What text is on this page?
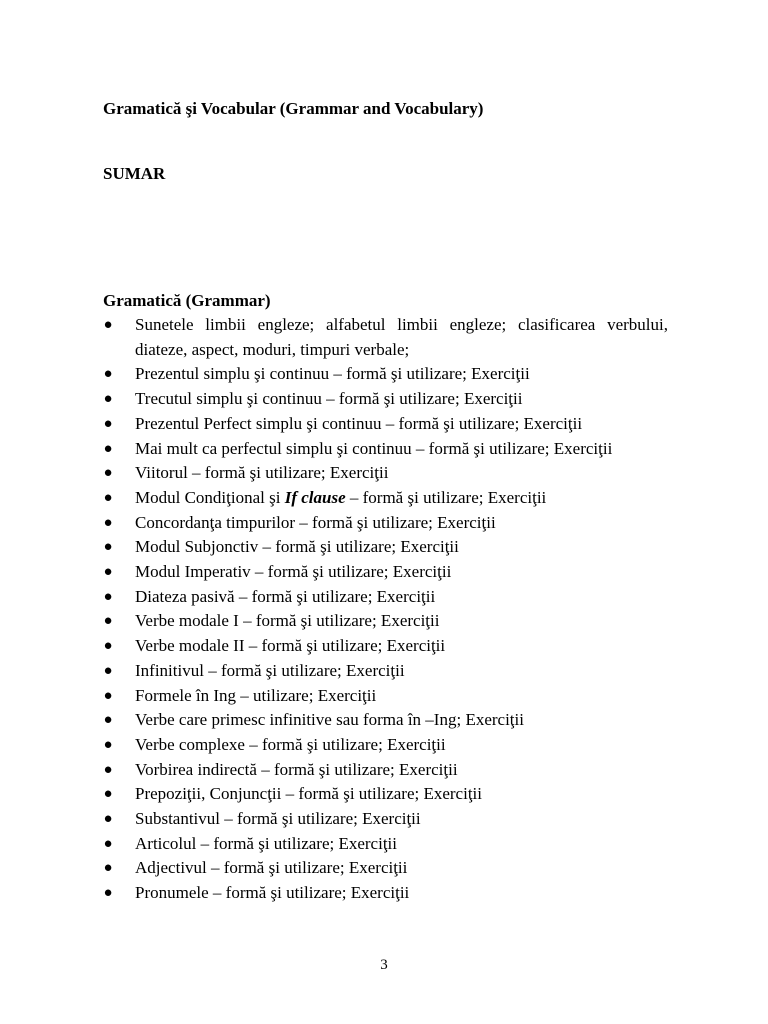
Gramatică şi Vocabular (Grammar and Vocabulary)
SUMAR
Gramatică (Grammar)
● Sunetele limbii engleze; alfabetul limbii engleze; clasificarea verbului, diateze, aspect, moduri, timpuri verbale;
● Prezentul simplu şi continuu – formă şi utilizare; Exerciţii
● Trecutul simplu şi continuu – formă şi utilizare; Exerciţii
● Prezentul Perfect simplu şi continuu – formă şi utilizare; Exerciţii
● Mai mult ca perfectul simplu şi continuu – formă şi utilizare; Exerciţii
● Viitorul – formă şi utilizare; Exerciţii
● Modul Condiţional şi If clause – formă şi utilizare; Exerciţii
● Concordanţa timpurilor – formă şi utilizare; Exerciţii
● Modul Subjonctiv – formă şi utilizare; Exerciţii
● Modul Imperativ – formă şi utilizare; Exerciţii
● Diateza pasivă – formă şi utilizare; Exerciţii
● Verbe modale I – formă şi utilizare; Exerciţii
● Verbe modale II – formă şi utilizare; Exerciţii
● Infinitivul – formă şi utilizare; Exerciţii
● Formele în Ing – utilizare; Exerciţii
● Verbe care primesc infinitive sau forma în –Ing; Exerciţii
● Verbe complexe – formă şi utilizare; Exerciţii
● Vorbirea indirectă – formă şi utilizare; Exerciţii
● Prepoziţii, Conjuncţii – formă şi utilizare; Exerciţii
● Substantivul – formă şi utilizare; Exerciţii
● Articolul – formă şi utilizare; Exerciţii
● Adjectivul – formă şi utilizare; Exerciţii
● Pronumele – formă şi utilizare; Exerciţii
3
